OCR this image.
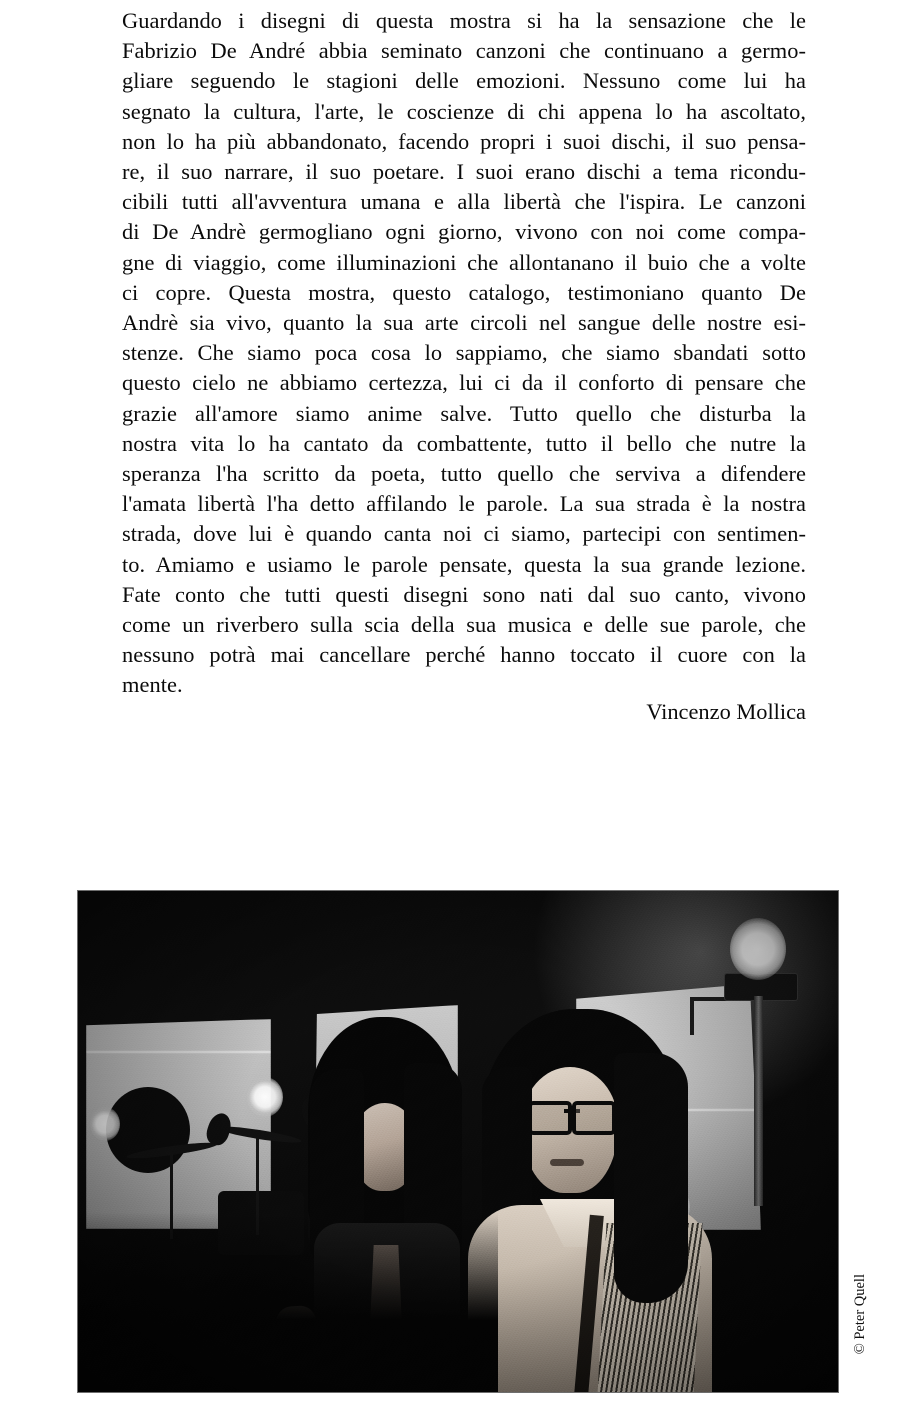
Guardando i disegni di questa mostra si ha la sensazione che le
Fabrizio De André abbia seminato canzoni che continuano a germo-
gliare seguendo le stagioni delle emozioni. Nessuno come lui ha
segnato la cultura, l'arte, le coscienze di chi appena lo ha ascoltato,
non lo ha più abbandonato, facendo propri i suoi dischi, il suo pensa-
re, il suo narrare, il suo poetare. I suoi erano dischi a tema ricondu-
cibili tutti all'avventura umana e alla libertà che l'ispira. Le canzoni
di De Andrè germogliano ogni giorno, vivono con noi come compa-
gne di viaggio, come illuminazioni che allontanano il buio che a volte
ci copre. Questa mostra, questo catalogo, testimoniano quanto De
Andrè sia vivo, quanto la sua arte circoli nel sangue delle nostre esi-
stenze. Che siamo poca cosa lo sappiamo, che siamo sbandati sotto
questo cielo ne abbiamo certezza, lui ci da il conforto di pensare che
grazie all'amore siamo anime salve. Tutto quello che disturba la
nostra vita lo ha cantato da combattente, tutto il bello che nutre la
speranza l'ha scritto da poeta, tutto quello che serviva a difendere
l'amata libertà l'ha detto affilando le parole. La sua strada è la nostra
strada, dove lui è quando canta noi ci siamo, partecipi con sentimen-
to. Amiamo e usiamo le parole pensate, questa la sua grande lezione.
Fate conto che tutti questi disegni sono nati dal suo canto, vivono
come un riverbero sulla scia della sua musica e delle sue parole, che
nessuno potrà mai cancellare perché hanno toccato il cuore con la
mente.
Vincenzo Mollica
© Peter Quell
